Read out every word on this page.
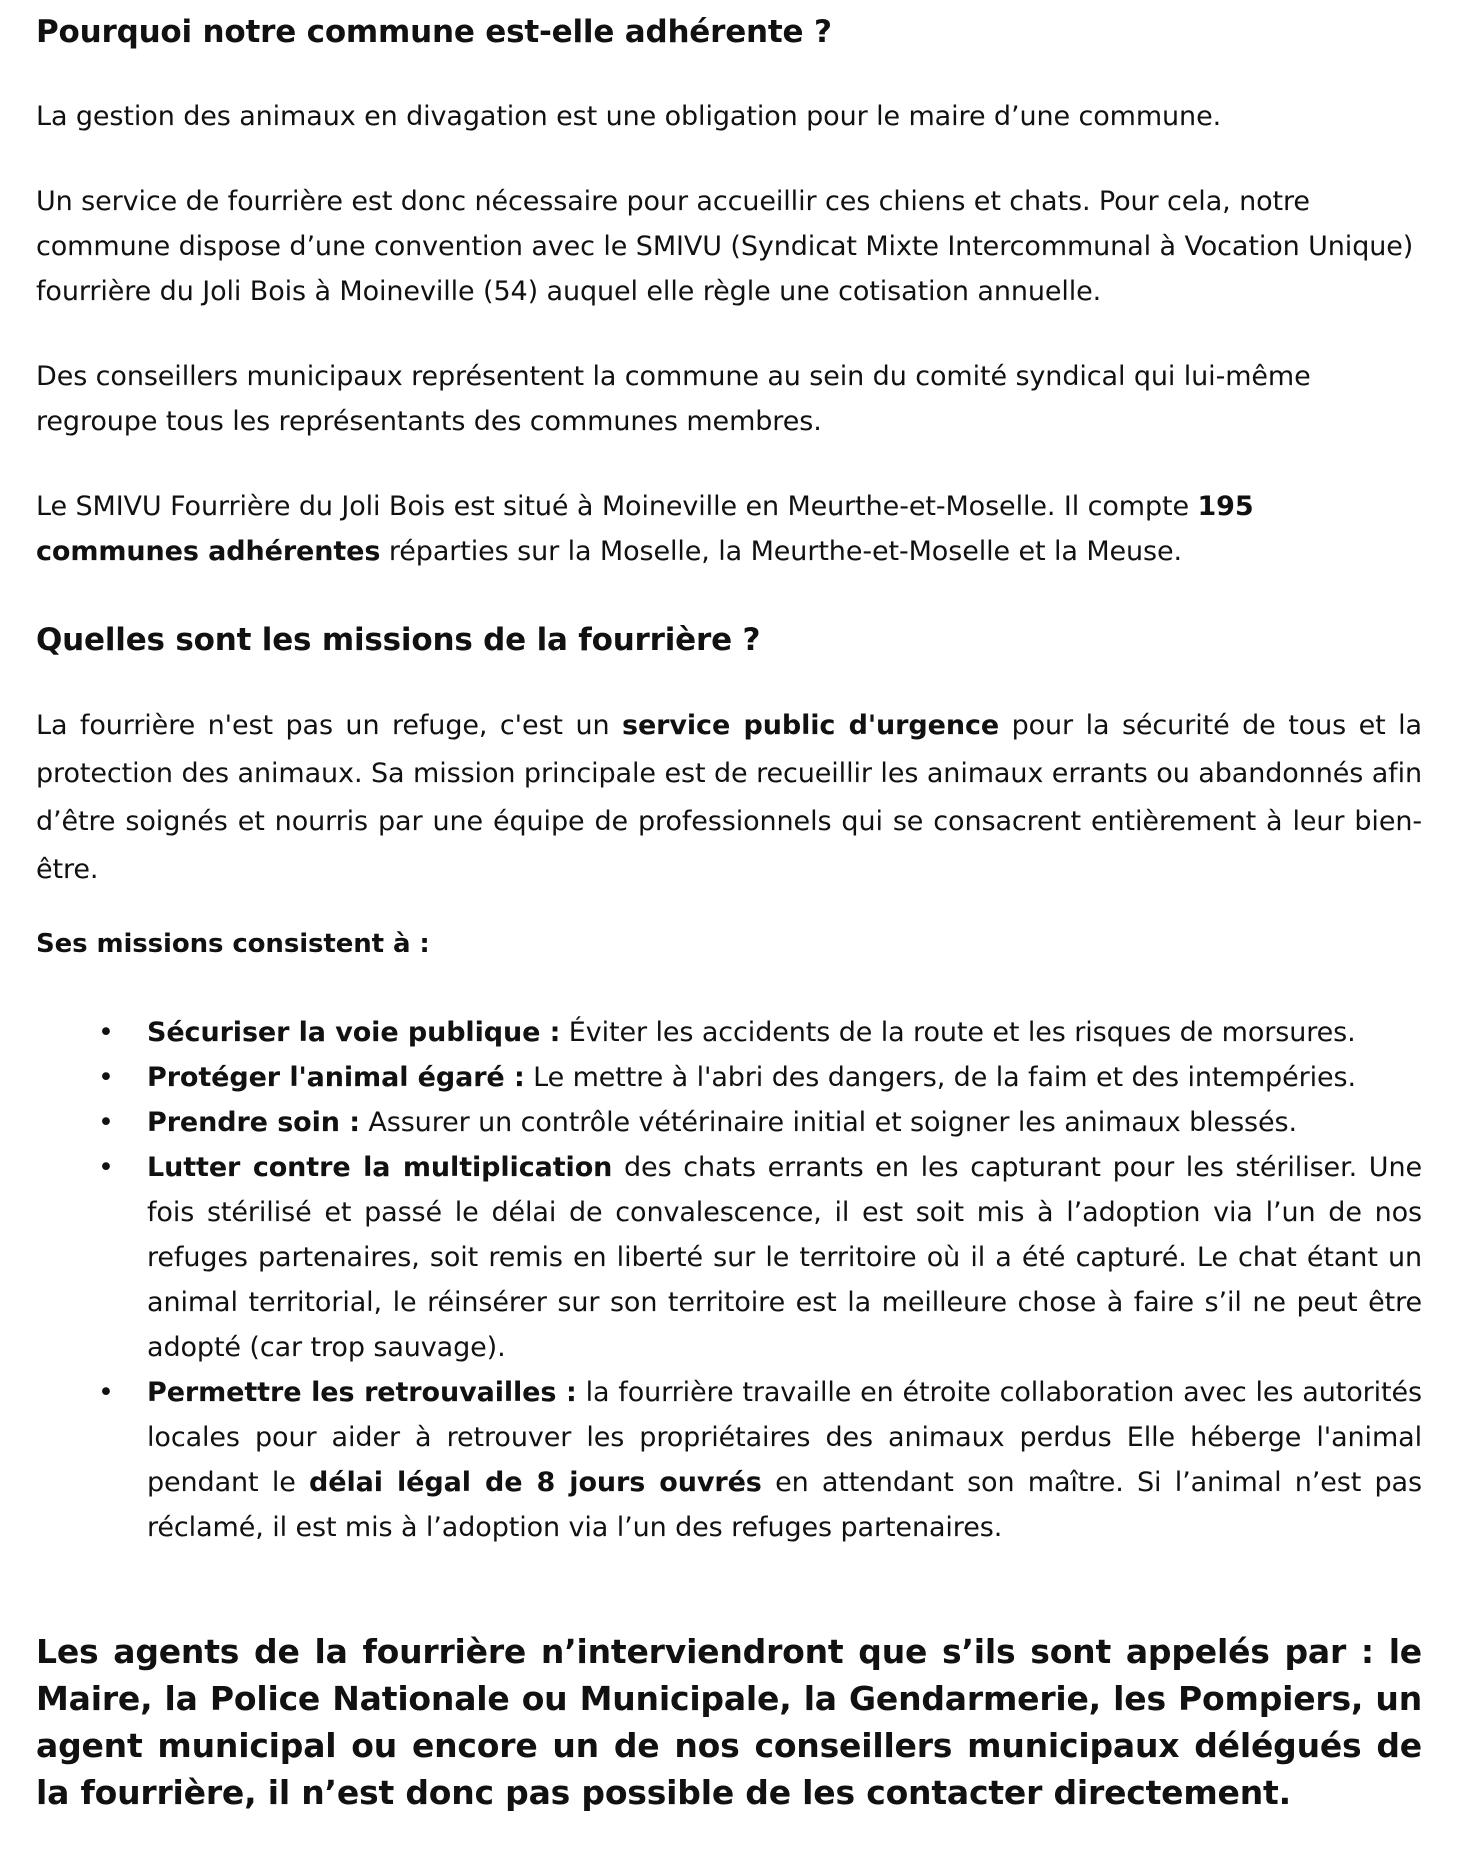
Pourquoi notre commune est-elle adhérente ?

La gestion des animaux en divagation est une obligation pour le maire d’une commune.

Un service de fourrière est donc nécessaire pour accueillir ces chiens et chats. Pour cela, notre commune dispose d’une convention avec le SMIVU (Syndicat Mixte Intercommunal à Vocation Unique) fourrière du Joli Bois à Moineville (54) auquel elle règle une cotisation annuelle.

Des conseillers municipaux représentent la commune au sein du comité syndical qui lui-même regroupe tous les représentants des communes membres.

Le SMIVU Fourrière du Joli Bois est situé à Moineville en Meurthe-et-Moselle. Il compte 195 communes adhérentes réparties sur la Moselle, la Meurthe-et-Moselle et la Meuse.

Quelles sont les missions de la fourrière ?

La fourrière n'est pas un refuge, c'est un service public d'urgence pour la sécurité de tous et la protection des animaux. Sa mission principale est de recueillir les animaux errants ou abandonnés afin d’être soignés et nourris par une équipe de professionnels qui se consacrent entièrement à leur bien-être.

Ses missions consistent à :

• Sécuriser la voie publique : Éviter les accidents de la route et les risques de morsures.
• Protéger l'animal égaré : Le mettre à l'abri des dangers, de la faim et des intempéries.
• Prendre soin : Assurer un contrôle vétérinaire initial et soigner les animaux blessés.
• Lutter contre la multiplication des chats errants en les capturant pour les stériliser. Une fois stérilisé et passé le délai de convalescence, il est soit mis à l’adoption via l’un de nos refuges partenaires, soit remis en liberté sur le territoire où il a été capturé. Le chat étant un animal territorial, le réinsérer sur son territoire est la meilleure chose à faire s’il ne peut être adopté (car trop sauvage).
• Permettre les retrouvailles : la fourrière travaille en étroite collaboration avec les autorités locales pour aider à retrouver les propriétaires des animaux perdus Elle héberge l'animal pendant le délai légal de 8 jours ouvrés en attendant son maître. Si l’animal n’est pas réclamé, il est mis à l’adoption via l’un des refuges partenaires.

Les agents de la fourrière n’interviendront que s’ils sont appelés par : le Maire, la Police Nationale ou Municipale, la Gendarmerie, les Pompiers, un agent municipal ou encore un de nos conseillers municipaux délégués de la fourrière, il n’est donc pas possible de les contacter directement.
